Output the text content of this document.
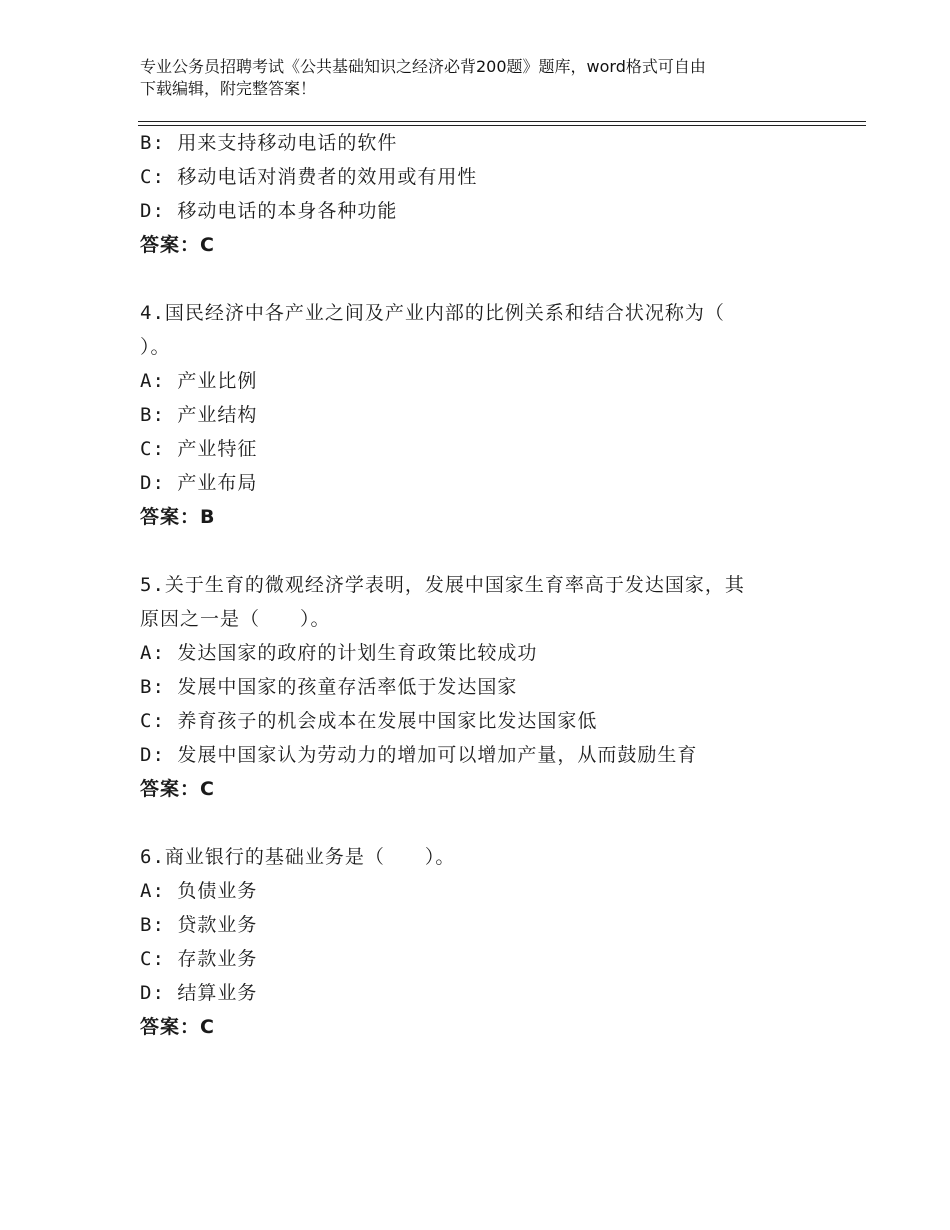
专业公务员招聘考试《公共基础知识之经济必背200题》题库，word格式可自由
下载编辑，附完整答案！
B: 用来支持移动电话的软件
C: 移动电话对消费者的效用或有用性
D: 移动电话的本身各种功能
答案：C
4.国民经济中各产业之间及产业内部的比例关系和结合状况称为（
）。
A: 产业比例
B: 产业结构
C: 产业特征
D: 产业布局
答案：B
5.关于生育的微观经济学表明，发展中国家生育率高于发达国家，其
原因之一是（　　）。
A: 发达国家的政府的计划生育政策比较成功
B: 发展中国家的孩童存活率低于发达国家
C: 养育孩子的机会成本在发展中国家比发达国家低
D: 发展中国家认为劳动力的增加可以增加产量，从而鼓励生育
答案：C
6.商业银行的基础业务是（　　）。
A: 负债业务
B: 贷款业务
C: 存款业务
D: 结算业务
答案：C
